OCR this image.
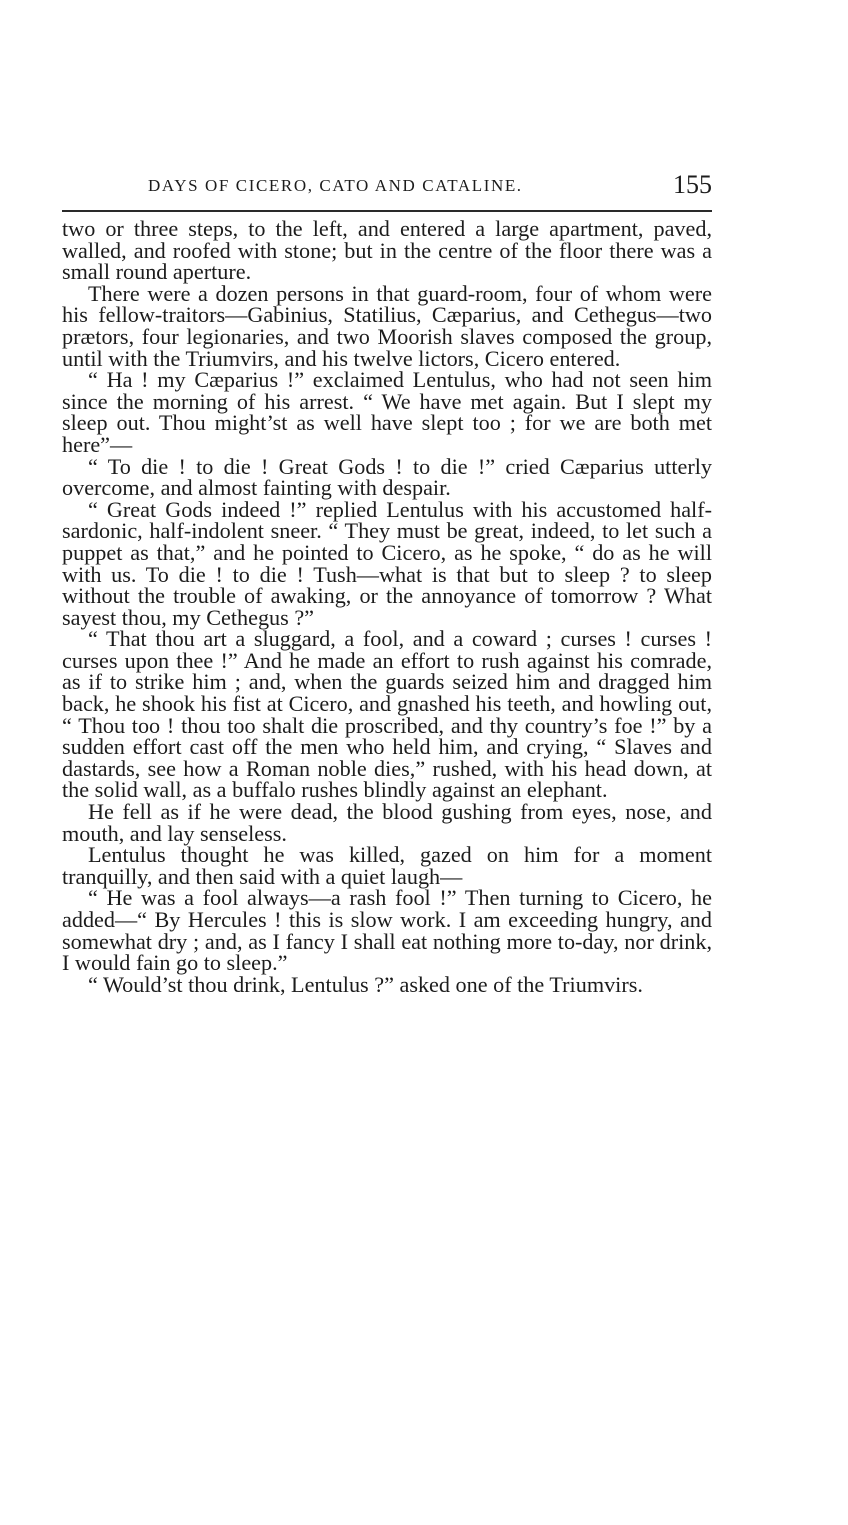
DAYS OF CICERO, CATO AND CATALINE.	155

two or three steps, to the left, and entered a large apartment, paved, walled, and roofed with stone; but in the centre of the floor there was a small round aperture.

There were a dozen persons in that guard-room, four of whom were his fellow-traitors—Gabinius, Statilius, Cæparius, and Cethegus—two prætors, four legionaries, and two Moorish slaves composed the group, until with the Triumvirs, and his twelve lictors, Cicero entered.

“ Ha ! my Cæparius !” exclaimed Lentulus, who had not seen him since the morning of his arrest. “ We have met again. But I slept my sleep out. Thou might’st as well have slept too ; for we are both met here”—

“ To die ! to die ! Great Gods ! to die !” cried Cæparius utterly overcome, and almost fainting with despair.

“ Great Gods indeed !” replied Lentulus with his accustomed half-sardonic, half-indolent sneer. “ They must be great, indeed, to let such a puppet as that,” and he pointed to Cicero, as he spoke, “ do as he will with us. To die ! to die ! Tush—what is that but to sleep ? to sleep without the trouble of awaking, or the annoyance of tomorrow ? What sayest thou, my Cethegus ?”

“ That thou art a sluggard, a fool, and a coward ; curses ! curses ! curses upon thee !” And he made an effort to rush against his comrade, as if to strike him ; and, when the guards seized him and dragged him back, he shook his fist at Cicero, and gnashed his teeth, and howling out, “ Thou too ! thou too shalt die proscribed, and thy country’s foe !” by a sudden effort cast off the men who held him, and crying, “ Slaves and dastards, see how a Roman noble dies,” rushed, with his head down, at the solid wall, as a buffalo rushes blindly against an elephant.

He fell as if he were dead, the blood gushing from eyes, nose, and mouth, and lay senseless.

Lentulus thought he was killed, gazed on him for a moment tranquilly, and then said with a quiet laugh—

“ He was a fool always—a rash fool !” Then turning to Cicero, he added—“ By Hercules ! this is slow work. I am exceeding hungry, and somewhat dry ; and, as I fancy I shall eat nothing more to-day, nor drink, I would fain go to sleep.”

“ Would’st thou drink, Lentulus ?” asked one of the Triumvirs.
